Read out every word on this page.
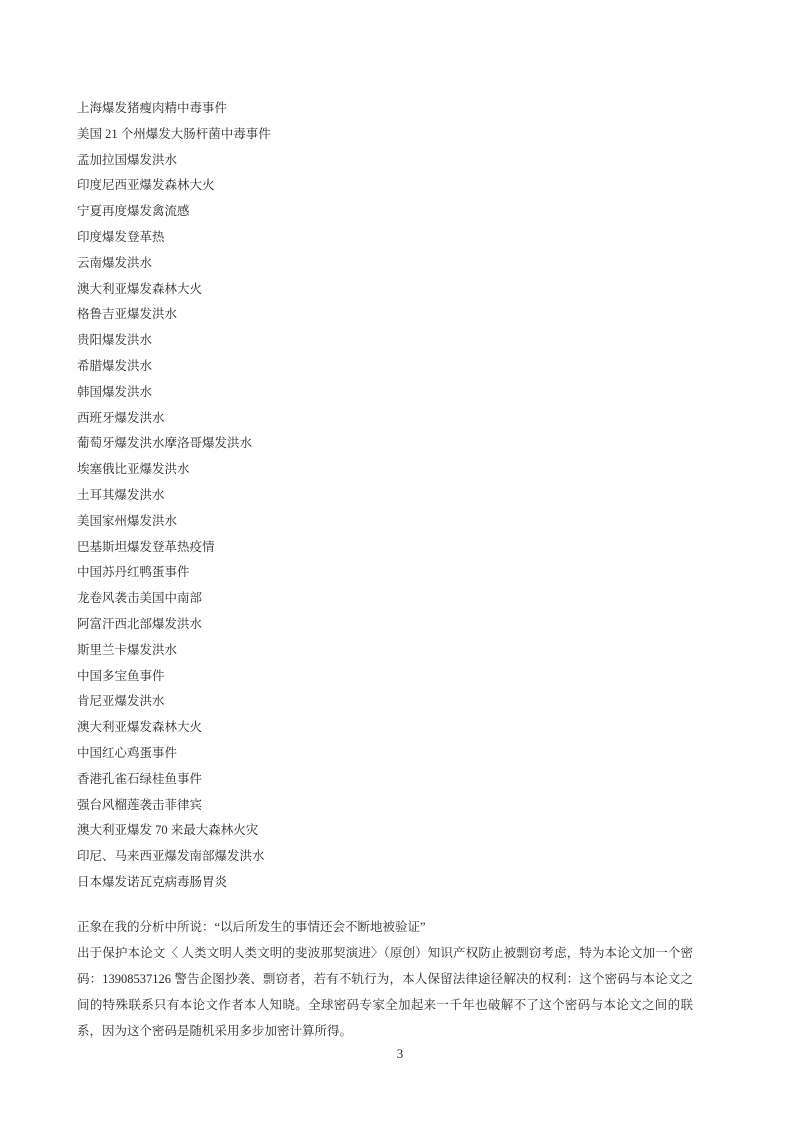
上海爆发猪瘦肉精中毒事件
美国 21 个州爆发大肠杆菌中毒事件
孟加拉国爆发洪水
印度尼西亚爆发森林大火
宁夏再度爆发禽流感
印度爆发登革热
云南爆发洪水
澳大利亚爆发森林大火
格鲁吉亚爆发洪水
贵阳爆发洪水
希腊爆发洪水
韩国爆发洪水
西班牙爆发洪水
葡萄牙爆发洪水摩洛哥爆发洪水
埃塞俄比亚爆发洪水
土耳其爆发洪水
美国家州爆发洪水
巴基斯坦爆发登革热疫情
中国苏丹红鸭蛋事件
龙卷风袭击美国中南部
阿富汗西北部爆发洪水
斯里兰卡爆发洪水
中国多宝鱼事件
肯尼亚爆发洪水
澳大利亚爆发森林大火
中国红心鸡蛋事件
香港孔雀石绿桂鱼事件
强台风榴莲袭击菲律宾
澳大利亚爆发 70 来最大森林火灾
印尼、马来西亚爆发南部爆发洪水
日本爆发诺瓦克病毒肠胃炎

正象在我的分析中所说：“以后所发生的事情还会不断地被验证”

出于保护本论文〈 人类文明人类文明的斐波那契演进〉（原创）知识产权防止被剽窃考虑，特为本论文加一个密码：13908537126 警告企图抄袭、剽窃者，若有不轨行为，本人保留法律途径解决的权利：这个密码与本论文之间的特殊联系只有本论文作者本人知晓。全球密码专家全加起来一千年也破解不了这个密码与本论文之间的联系，因为这个密码是随机采用多步加密计算所得。

3
